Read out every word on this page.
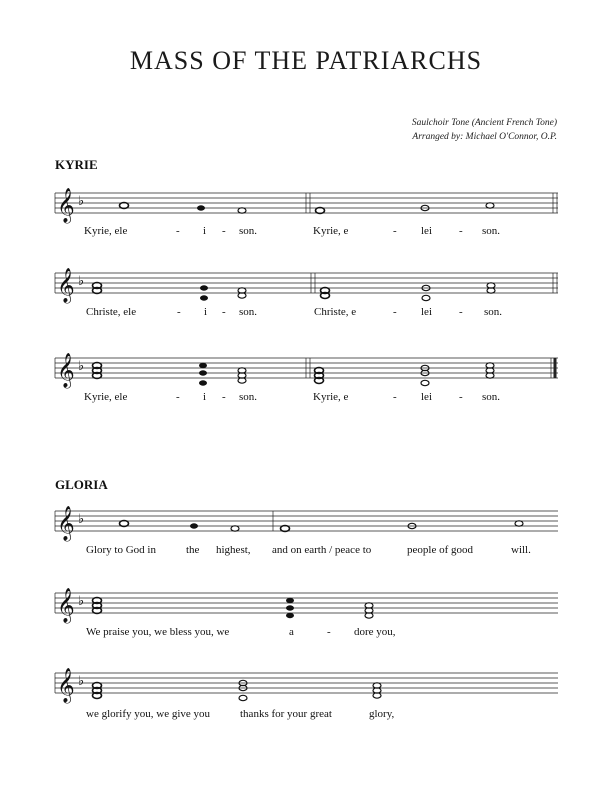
MASS OF THE PATRIARCHS
Saulchoir Tone (Ancient French Tone)
Arranged by: Michael O'Connor, O.P.
KYRIE
GLORIA
𝄞 ♭
Kyrie, ele	- i - son.	Kyrie, e	- lei - son.
𝄞 ♭
Christe, ele	- i - son.	Christe, e	- lei - son.
𝄞 ♭
Kyrie, ele	- i - son.	Kyrie, e	- lei - son.
𝄞 ♭
Glory to God in	the highest, and on earth / peace to	people of good	will.
𝄞 ♭
We praise you, we bless you, we	a	- dore you,
𝄞 ♭
we glorify you, we give you	thanks for your great	glory,
